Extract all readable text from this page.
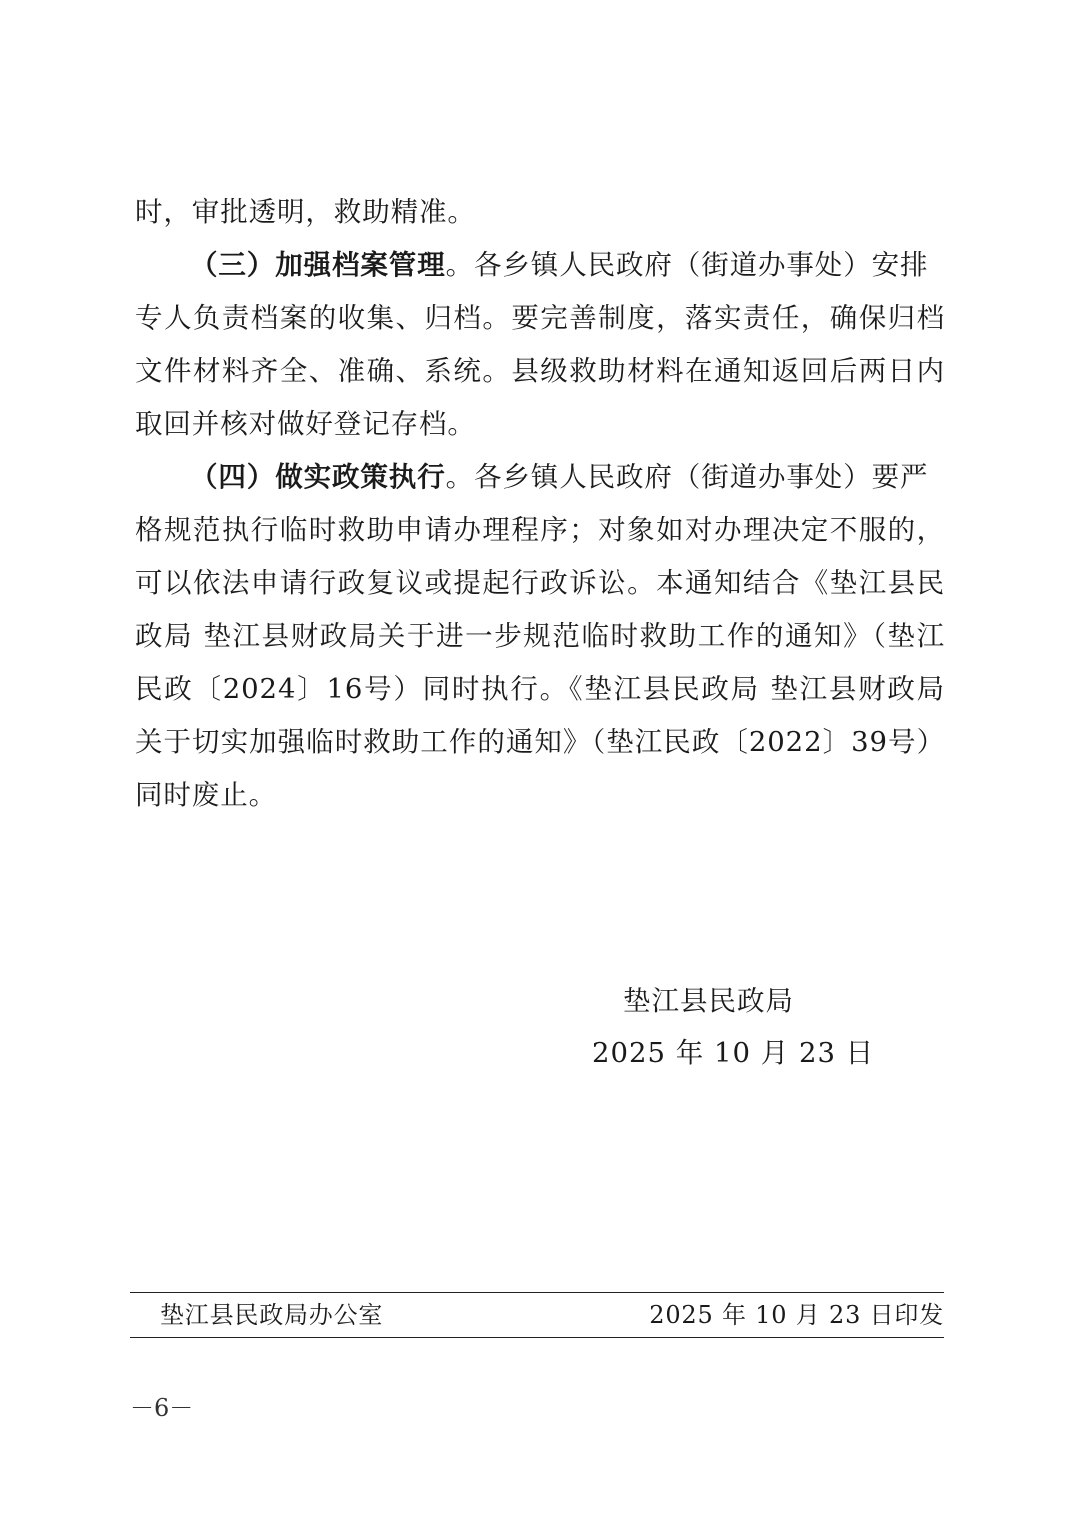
时，审批透明，救助精准。
（三）加强档案管理。各乡镇人民政府（街道办事处）安排
专人负责档案的收集、归档。要完善制度，落实责任，确保归档
文件材料齐全、准确、系统。县级救助材料在通知返回后两日内
取回并核对做好登记存档。
（四）做实政策执行。各乡镇人民政府（街道办事处）要严
格规范执行临时救助申请办理程序；对象如对办理决定不服的，
可以依法申请行政复议或提起行政诉讼。本通知结合《垫江县民
政局 垫江县财政局关于进一步规范临时救助工作的通知》（垫江
民政〔2024〕16号）同时执行。《垫江县民政局 垫江县财政局
关于切实加强临时救助工作的通知》（垫江民政〔2022〕39号）
同时废止。
垫江县民政局
2025 年 10 月 23 日
垫江县民政局办公室	2025 年 10 月 23 日印发
－6－
